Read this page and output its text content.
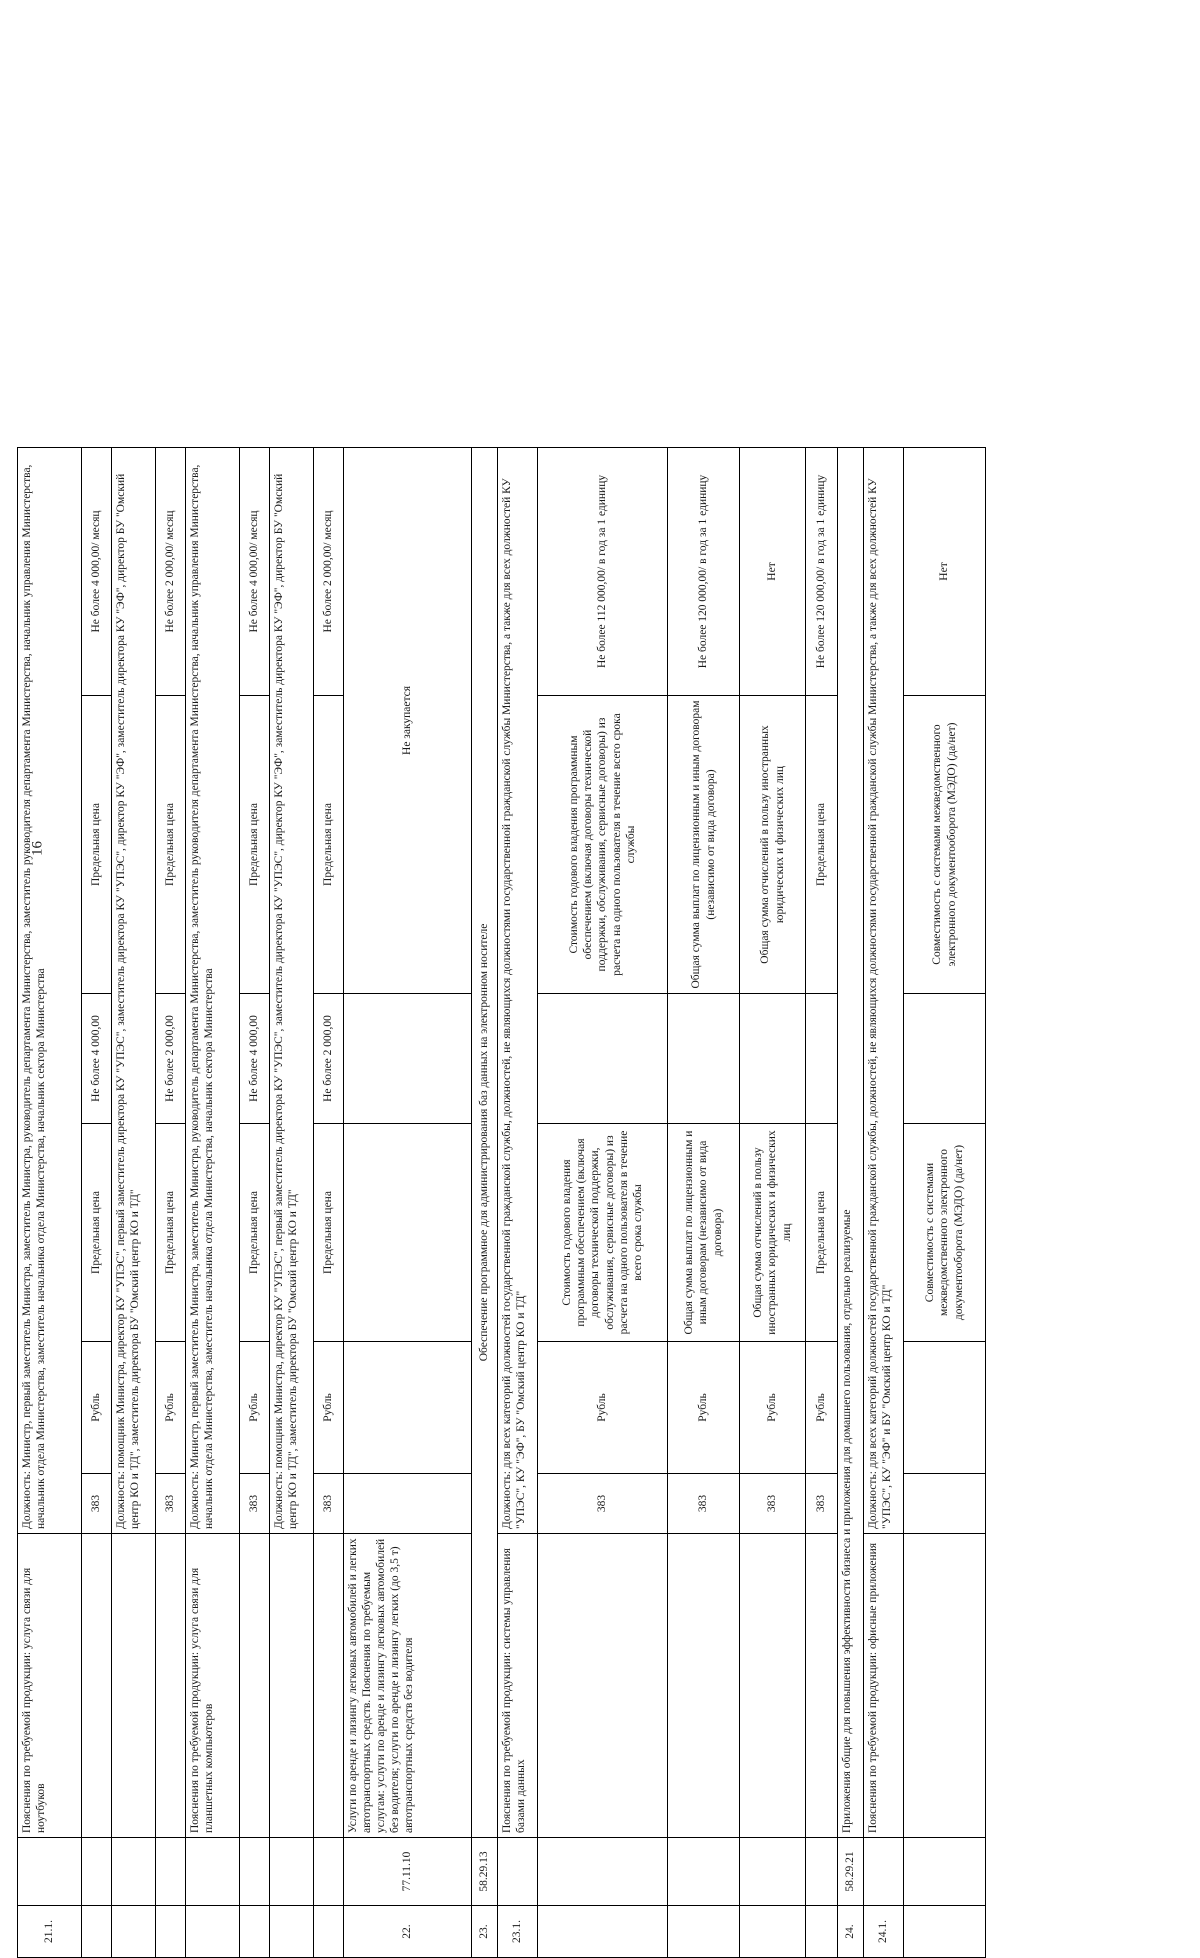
16
21.1.		Пояснения по требуемой продукции: услуга связи для ноутбуков	Должность: Министр, первый заместитель Министра, заместитель Министра, руководитель департамента Министерства, заместитель руководителя департамента Министерства, начальник управления Министерства, начальник отдела Министерства, заместитель начальника отдела Министерства, начальник сектора Министерства					
			383	Рубль	Предельная цена	Не более 4 000,00	Предельная цена	Не более 4 000,00/ месяц
			Должность: помощник Министра, директор КУ "УПЭС", первый заместитель директора КУ "УПЭС", заместитель директора КУ "УПЭС", директор КУ "ЭФ", заместитель директора КУ "ЭФ", директор БУ "Омский центр КО и ТД", заместитель директора БУ "Омский центр КО и ТД"					
			383	Рубль	Предельная цена	Не более 2 000,00	Предельная цена	Не более 2 000,00/ месяц
		Пояснения по требуемой продукции: услуга связи для планшетных компьютеров	Должность: Министр, первый заместитель Министра, заместитель Министра, руководитель департамента Министерства, заместитель руководителя департамента Министерства, начальник управления Министерства, начальник отдела Министерства, заместитель начальника отдела Министерства, начальник сектора Министерства					
			383	Рубль	Предельная цена	Не более 4 000,00	Предельная цена	Не более 4 000,00/ месяц
			Должность: помощник Министра, директор КУ "УПЭС", первый заместитель директора КУ "УПЭС", заместитель директора КУ "УПЭС", директор КУ "ЭФ", заместитель директора КУ "ЭФ", директор БУ "Омский центр КО и ТД", заместитель директора БУ "Омский центр КО и ТД"					
			383	Рубль	Предельная цена	Не более 2 000,00	Предельная цена	Не более 2 000,00/ месяц
22.	77.11.10	Услуги по аренде и лизингу легковых автомобилей и легких автотранспортных средств. Пояснения по требуемым услугам: услуги по аренде и лизингу легковых автомобилей без водителя; услуги по аренде и лизингу легких (до 3,5 т) автотранспортных средств без водителя					Не закупается	
23.	58.29.13	Обеспечение программное для администрирования баз данных на электронном носителе						
23.1.		Пояснения по требуемой продукции: системы управления базами данных	Должность: для всех категорий должностей государственной гражданской службы, должностей, не являющихся должностями государственной гражданской службы Министерства, а также для всех должностей КУ "УПЭС", КУ "ЭФ", БУ "Омский центр КО и ТД"					
			383	Рубль	Стоимость годового владения программным обеспечением (включая договоры технической поддержки, обслуживания, сервисные договоры) из расчета на одного пользователя в течение всего срока службы		Стоимость годового владения программным обеспечением (включая договоры технической поддержки, обслуживания, сервисные договоры) из расчета на одного пользователя в течение всего срока службы	Не более 112 000,00/ в год за 1 единицу
			383	Рубль	Общая сумма выплат по лицензионным и иным договорам (независимо от вида договора)		Общая сумма выплат по лицензионным и иным договорам (независимо от вида договора)	Не более 120 000,00/ в год за 1 единицу
			383	Рубль	Общая сумма отчислений в пользу иностранных юридических и физических лиц		Общая сумма отчислений в пользу иностранных юридических и физических лиц	Нет
			383	Рубль	Предельная цена		Предельная цена	Не более 120 000,00/ в год за 1 единицу
24.	58.29.21	Приложения общие для повышения эффективности бизнеса и приложения для домашнего пользования, отдельно реализуемые						
24.1.		Пояснения по требуемой продукции: офисные приложения	Должность: для всех категорий должностей государственной гражданской службы, должностей, не являющихся должностями государственной гражданской службы Министерства, а также для всех должностей КУ "УПЭС", КУ "ЭФ" и БУ "Омский центр КО и ТД"					
					Совместимость с системами межведомственного электронного документооборота (МЭДО) (да/нет)		Совместимость с системами межведомственного электронного документооборота (МЭДО) (да/нет)	Нет
